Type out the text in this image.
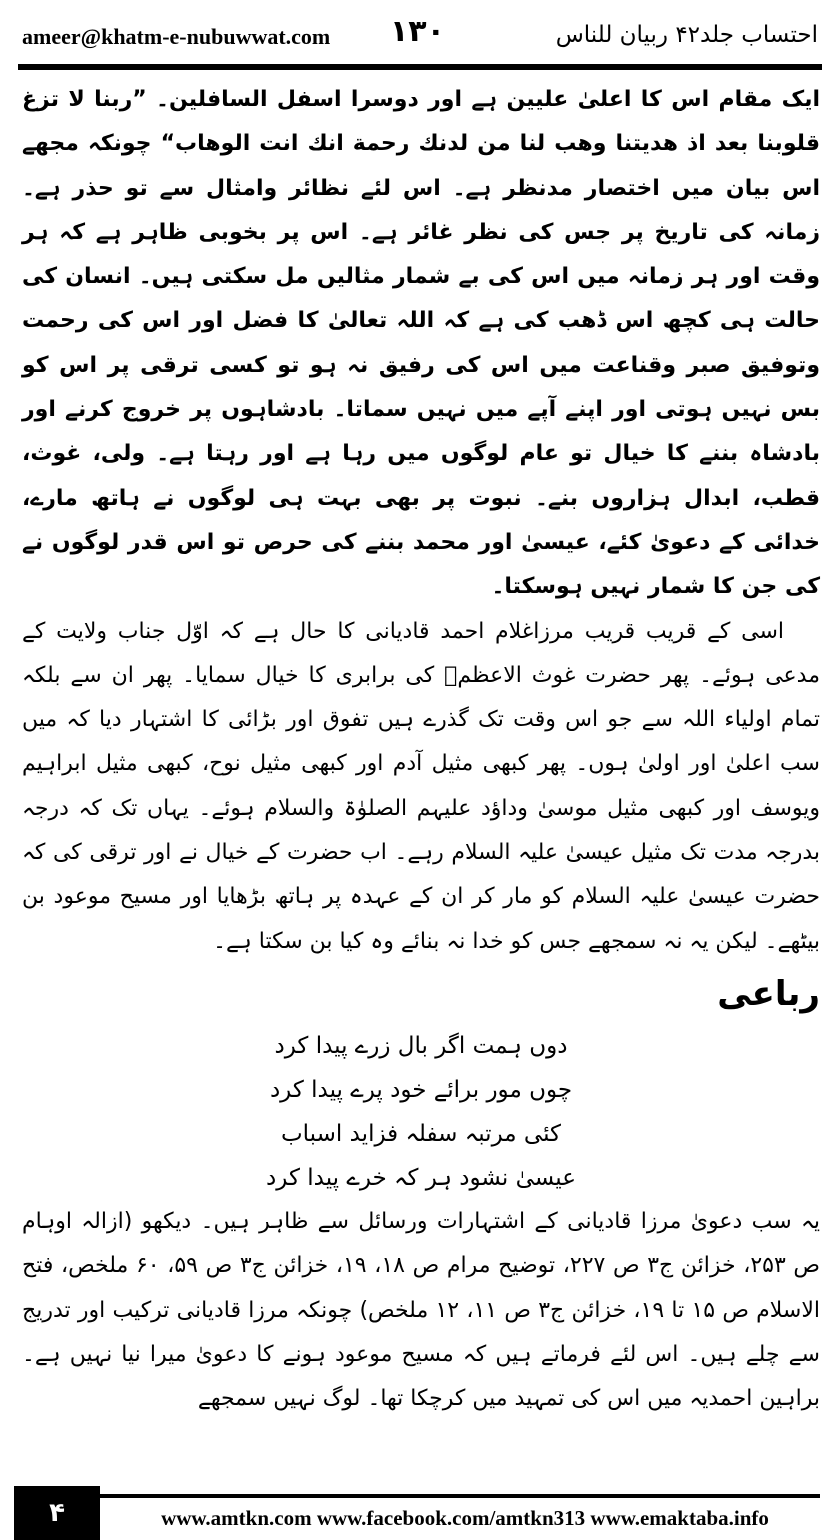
ameer@khatm-e-nubuwwat.com ۱۳۰	احتساب جلد۴۲ ربیان للناس

ایک مقام اس کا اعلیٰ علیین ہے اور دوسرا اسفل السافلین۔ ”ربنا لا تزغ قلوبنا بعد اذ هدیتنا وهب لنا من لدنك رحمة انك انت الوهاب“ چونکہ مجھے اس بیان میں اختصار مدنظر ہے۔ اس لئے نظائر وامثال سے تو حذر ہے۔ زمانہ کی تاریخ پر جس کی نظر غائر ہے۔ اس پر بخوبی ظاہر ہے کہ ہر وقت اور ہر زمانہ میں اس کی بے شمار مثالیں مل سکتی ہیں۔ انسان کی حالت ہی کچھ اس ڈھب کی ہے کہ اللہ تعالیٰ کا فضل اور اس کی رحمت وتوفیق صبر وقناعت میں اس کی رفیق نہ ہو تو کسی ترقی پر اس کو بس نہیں ہوتی اور اپنے آپے میں نہیں سماتا۔ بادشاہوں پر خروج کرنے اور بادشاہ بننے کا خیال تو عام لوگوں میں رہا ہے اور رہتا ہے۔ ولی، غوث، قطب، ابدال ہزاروں بنے۔ نبوت پر بھی بہت ہی لوگوں نے ہاتھ مارے، خدائی کے دعویٰ کئے، عیسیٰ اور محمد بننے کی حرص تو اس قدر لوگوں نے کی جن کا شمار نہیں ہوسکتا۔

اسی کے قریب قریب مرزاغلام احمد قادیانی کا حال ہے کہ اوّل جناب ولایت کے مدعی ہوئے۔ پھر حضرت غوث الاعظمؒ کی برابری کا خیال سمایا۔ پھر ان سے بلکہ تمام اولیاء اللہ سے جو اس وقت تک گذرے ہیں تفوق اور بڑائی کا اشتہار دیا کہ میں سب اعلیٰ اور اولیٰ ہوں۔ پھر کبھی مثیل آدم اور کبھی مثیل نوح، کبھی مثیل ابراہیم ویوسف اور کبھی مثیل موسیٰ وداؤد علیہم الصلوٰۃ والسلام ہوئے۔ یہاں تک کہ درجہ بدرجہ مدت تک مثیل عیسیٰ علیہ السلام رہے۔ اب حضرت کے خیال نے اور ترقی کی کہ حضرت عیسیٰ علیہ السلام کو مار کر ان کے عہدہ پر ہاتھ بڑھایا اور مسیح موعود بن بیٹھے۔ لیکن یہ نہ سمجھے جس کو خدا نہ بنائے وہ کیا بن سکتا ہے۔

رباعی
دوں ہمت اگر بال زرے پیدا کرد
چوں مور برائے خود پرے پیدا کرد
کئی مرتبہ سفلہ فزاید اسباب
عیسیٰ نشود ہر کہ خرے پیدا کرد

یہ سب دعویٰ مرزا قادیانی کے اشتہارات ورسائل سے ظاہر ہیں۔ دیکھو (ازالہ اوہام ص ۲۵۳، خزائن ج۳ ص ۲۲۷، توضیح مرام ص ۱۸، ۱۹، خزائن ج۳ ص ۵۹، ۶۰ ملخص، فتح الاسلام ص ۱۵ تا ۱۹، خزائن ج۳ ص ۱۱، ۱۲ ملخص) چونکہ مرزا قادیانی ترکیب اور تدریج سے چلے ہیں۔ اس لئے فرماتے ہیں کہ مسیح موعود ہونے کا دعویٰ میرا نیا نہیں ہے۔ براہین احمدیہ میں اس کی تمہید میں کرچکا تھا۔ لوگ نہیں سمجھے

۴	www.amtkn.com www.facebook.com/amtkn313 www.emaktaba.info
